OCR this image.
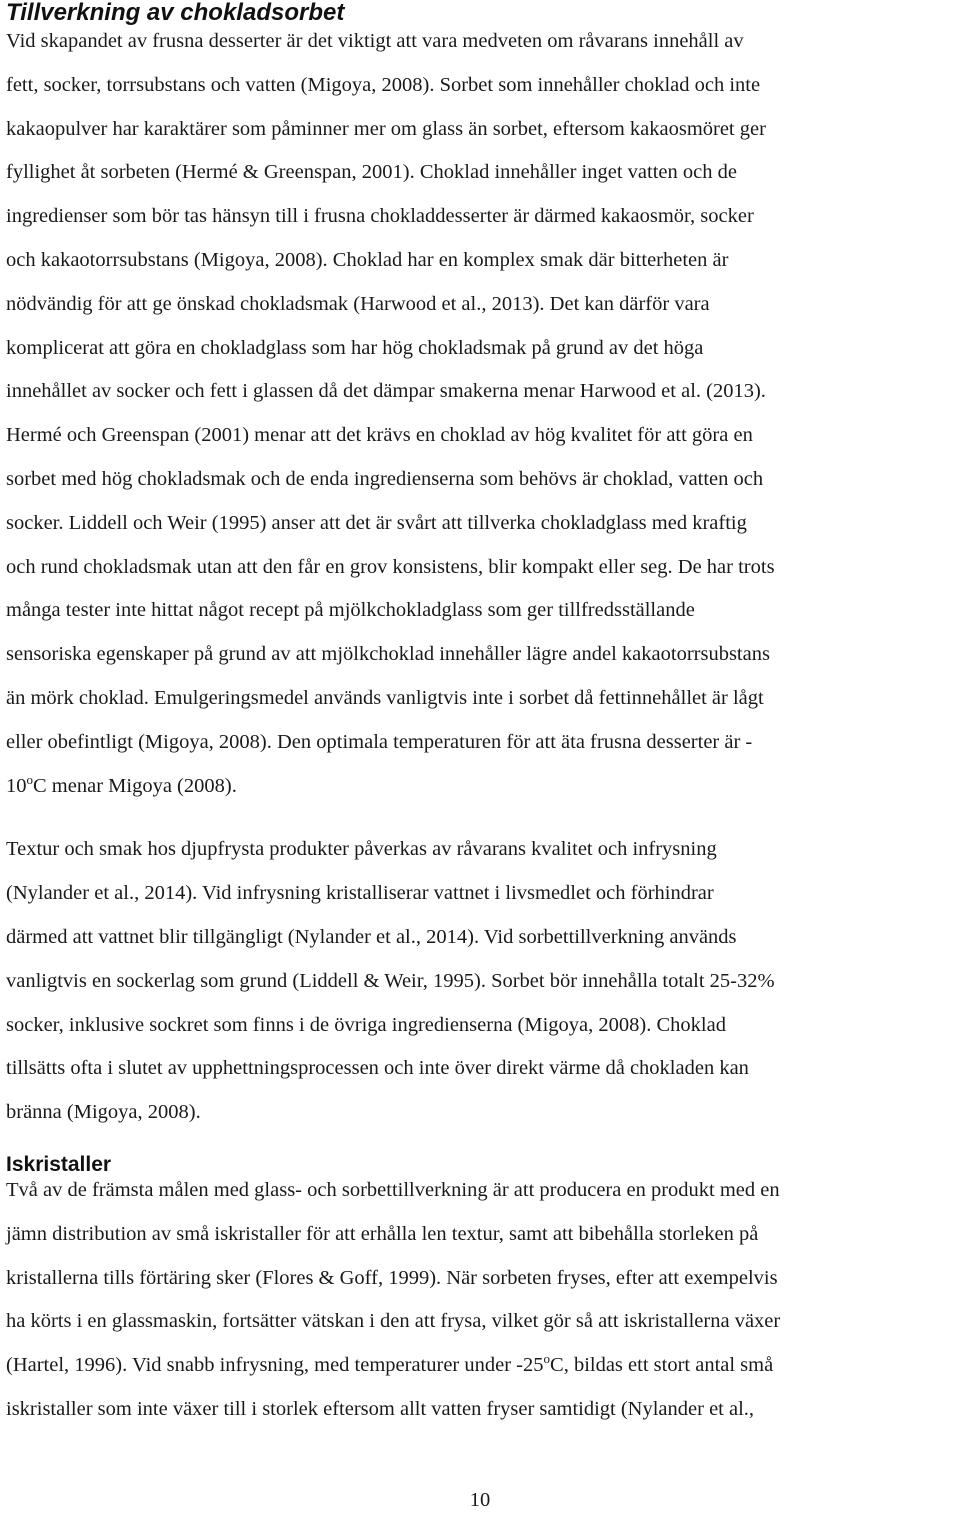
Tillverkning av chokladsorbet

Vid skapandet av frusna desserter är det viktigt att vara medveten om råvarans innehåll av
fett, socker, torrsubstans och vatten (Migoya, 2008). Sorbet som innehåller choklad och inte
kakaopulver har karaktärer som påminner mer om glass än sorbet, eftersom kakaosmöret ger
fyllighet åt sorbeten (Hermé & Greenspan, 2001). Choklad innehåller inget vatten och de
ingredienser som bör tas hänsyn till i frusna chokladdesserter är därmed kakaosmör, socker
och kakaotorrsubstans (Migoya, 2008). Choklad har en komplex smak där bitterheten är
nödvändig för att ge önskad chokladsmak (Harwood et al., 2013). Det kan därför vara
komplicerat att göra en chokladglass som har hög chokladsmak på grund av det höga
innehållet av socker och fett i glassen då det dämpar smakerna menar Harwood et al. (2013).
Hermé och Greenspan (2001) menar att det krävs en choklad av hög kvalitet för att göra en
sorbet med hög chokladsmak och de enda ingredienserna som behövs är choklad, vatten och
socker. Liddell och Weir (1995) anser att det är svårt att tillverka chokladglass med kraftig
och rund chokladsmak utan att den får en grov konsistens, blir kompakt eller seg. De har trots
många tester inte hittat något recept på mjölkchokladglass som ger tillfredsställande
sensoriska egenskaper på grund av att mjölkchoklad innehåller lägre andel kakaotorrsubstans
än mörk choklad. Emulgeringsmedel används vanligtvis inte i sorbet då fettinnehållet är lågt
eller obefintligt (Migoya, 2008). Den optimala temperaturen för att äta frusna desserter är -
10$^o$C menar Migoya (2008).

Textur och smak hos djupfrysta produkter påverkas av råvarans kvalitet och infrysning
(Nylander et al., 2014). Vid infrysning kristalliserar vattnet i livsmedlet och förhindrar
därmed att vattnet blir tillgängligt (Nylander et al., 2014). Vid sorbettillverkning används
vanligtvis en sockerlag som grund (Liddell & Weir, 1995). Sorbet bör innehålla totalt 25-32%
socker, inklusive sockret som finns i de övriga ingredienserna (Migoya, 2008). Choklad
tillsätts ofta i slutet av upphettningsprocessen och inte över direkt värme då chokladen kan
bränna (Migoya, 2008).

Iskristaller

Två av de främsta målen med glass- och sorbettillverkning är att producera en produkt med en
jämn distribution av små iskristaller för att erhålla len textur, samt att bibehålla storleken på
kristallerna tills förtäring sker (Flores & Goff, 1999). När sorbeten fryses, efter att exempelvis
ha körts i en glassmaskin, fortsätter vätskan i den att frysa, vilket gör så att iskristallerna växer
(Hartel, 1996). Vid snabb infrysning, med temperaturer under -25$^o$C, bildas ett stort antal små
iskristaller som inte växer till i storlek eftersom allt vatten fryser samtidigt (Nylander et al.,

10
